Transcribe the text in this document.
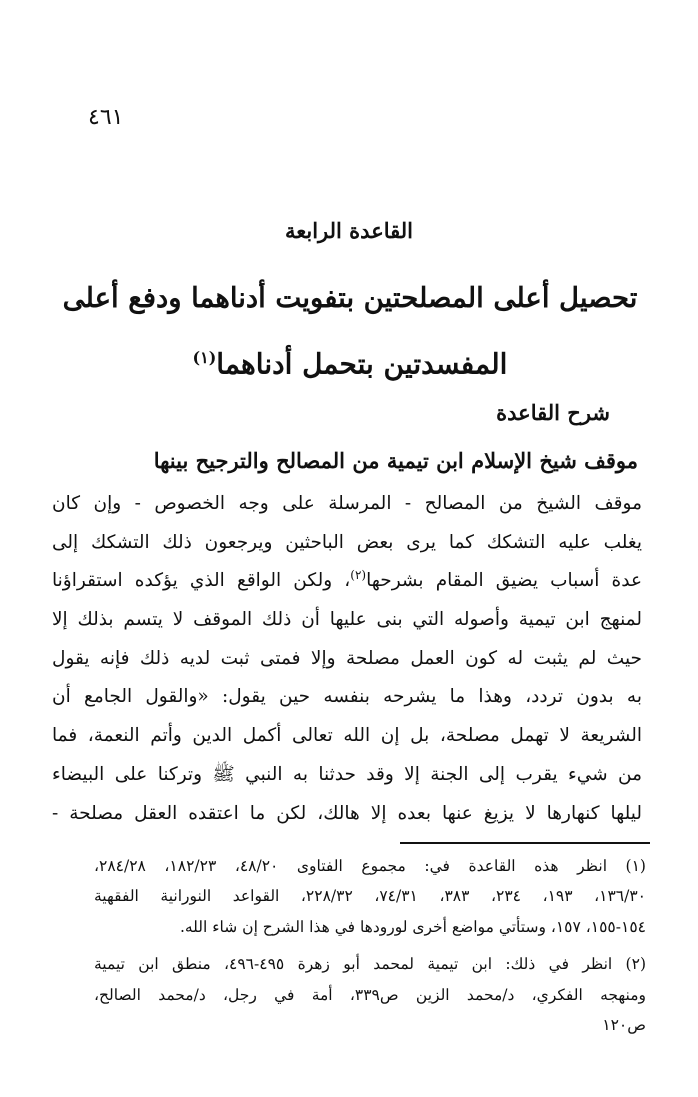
٤٦١
القاعدة الرابعة
تحصيل أعلى المصلحتين بتفويت أدناهما ودفع أعلى
المفسدتين بتحمل أدناهما$^{(١)}$
شرح القاعدة
موقف شيخ الإسلام ابن تيمية من المصالح والترجيح بينها
موقف الشيخ من المصالح - المرسلة على وجه الخصوص - وإن كان
يغلب عليه التشكك كما يرى بعض الباحثين ويرجعون ذلك التشكك إلى
عدة أسباب يضيق المقام بشرحها$^{(٢)}$، ولكن الواقع الذي يؤكده استقراؤنا
لمنهج ابن تيمية وأصوله التي بنى عليها أن ذلك الموقف لا يتسم بذلك إلا
حيث لم يثبت له كون العمل مصلحة وإلا فمتى ثبت لديه ذلك فإنه يقول
به بدون تردد، وهذا ما يشرحه بنفسه حين يقول: «والقول الجامع أن
الشريعة لا تهمل مصلحة، بل إن الله تعالى أكمل الدين وأتم النعمة، فما
من شيء يقرب إلى الجنة إلا وقد حدثنا به النبي ﷺ وتركنا على البيضاء
ليلها كنهارها لا يزيغ عنها بعده إلا هالك، لكن ما اعتقده العقل مصلحة -
(١) انظر هذه القاعدة في: مجموع الفتاوى ٤٨/٢٠، ١٨٢/٢٣، ٢٨٤/٢٨،
١٣٦/٣٠، ١٩٣، ٢٣٤، ٣٨٣، ٧٤/٣١، ٢٢٨/٣٢، القواعد النورانية الفقهية
١٥٤-١٥٥، ١٥٧، وستأتي مواضع أخرى لورودها في هذا الشرح إن شاء الله.
(٢) انظر في ذلك: ابن تيمية لمحمد أبو زهرة ٤٩٥-٤٩٦، منطق ابن تيمية
ومنهجه الفكري، د/محمد الزين ص٣٣٩، أمة في رجل، د/محمد الصالح،
ص١٢٠
